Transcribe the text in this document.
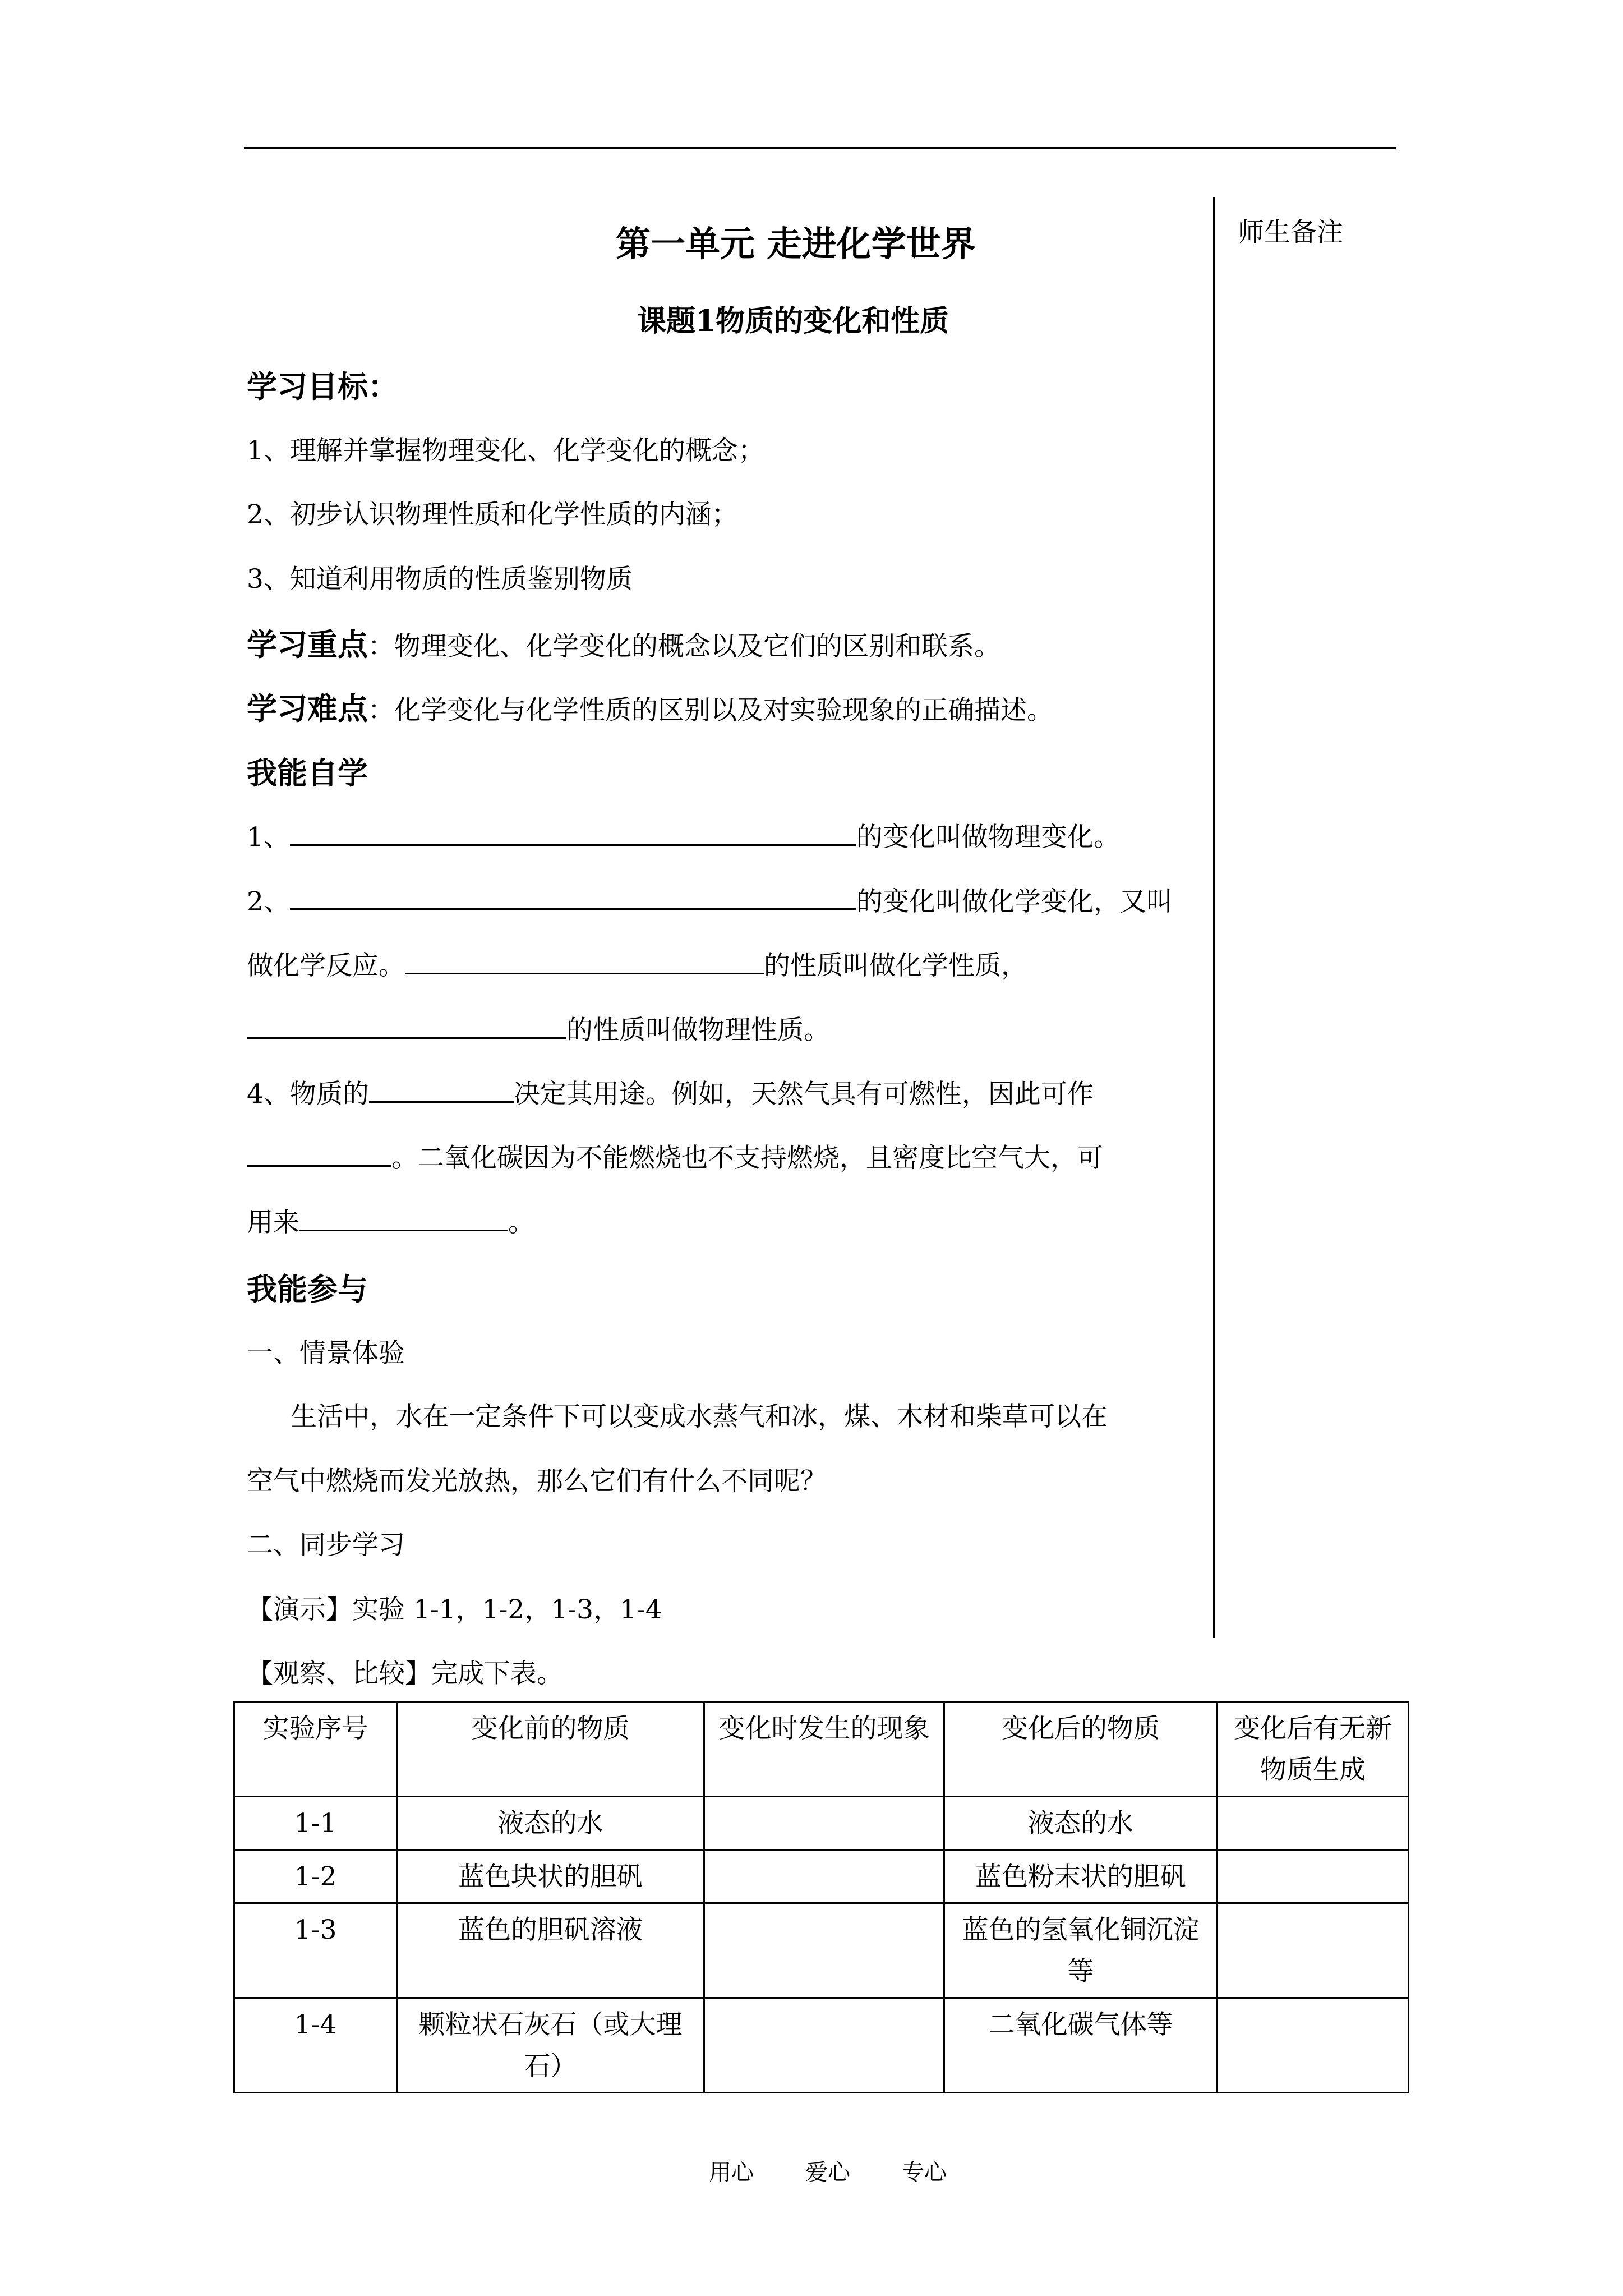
师生备注
第一单元 走进化学世界
课题1物质的变化和性质
学习目标：
1、理解并掌握物理变化、化学变化的概念；
2、初步认识物理性质和化学性质的内涵；
3、知道利用物质的性质鉴别物质
学习重点：物理变化、化学变化的概念以及它们的区别和联系。
学习难点：化学变化与化学性质的区别以及对实验现象的正确描述。
我能自学
1、	的变化叫做物理变化。
2、	的变化叫做化学变化，又叫
做化学反应。	的性质叫做化学性质，
的性质叫做物理性质。
4、物质的	决定其用途。例如，天然气具有可燃性，因此可作
。二氧化碳因为不能燃烧也不支持燃烧，且密度比空气大，可
用来	。
我能参与
一、情景体验
生活中，水在一定条件下可以变成水蒸气和冰，煤、木材和柴草可以在
空气中燃烧而发光放热，那么它们有什么不同呢？
二、同步学习
【演示】实验 1-1，1-2，1-3，1-4
【观察、比较】完成下表。
实验序号	变化前的物质	变化时发生的现象	变化后的物质	变化后有无新物质生成
1-1	液态的水		液态的水	
1-2	蓝色块状的胆矾		蓝色粉末状的胆矾	
1-3	蓝色的胆矾溶液		蓝色的氢氧化铜沉淀等	
1-4	颗粒状石灰石（或大理石）		二氧化碳气体等	
用心 爱心 专心
